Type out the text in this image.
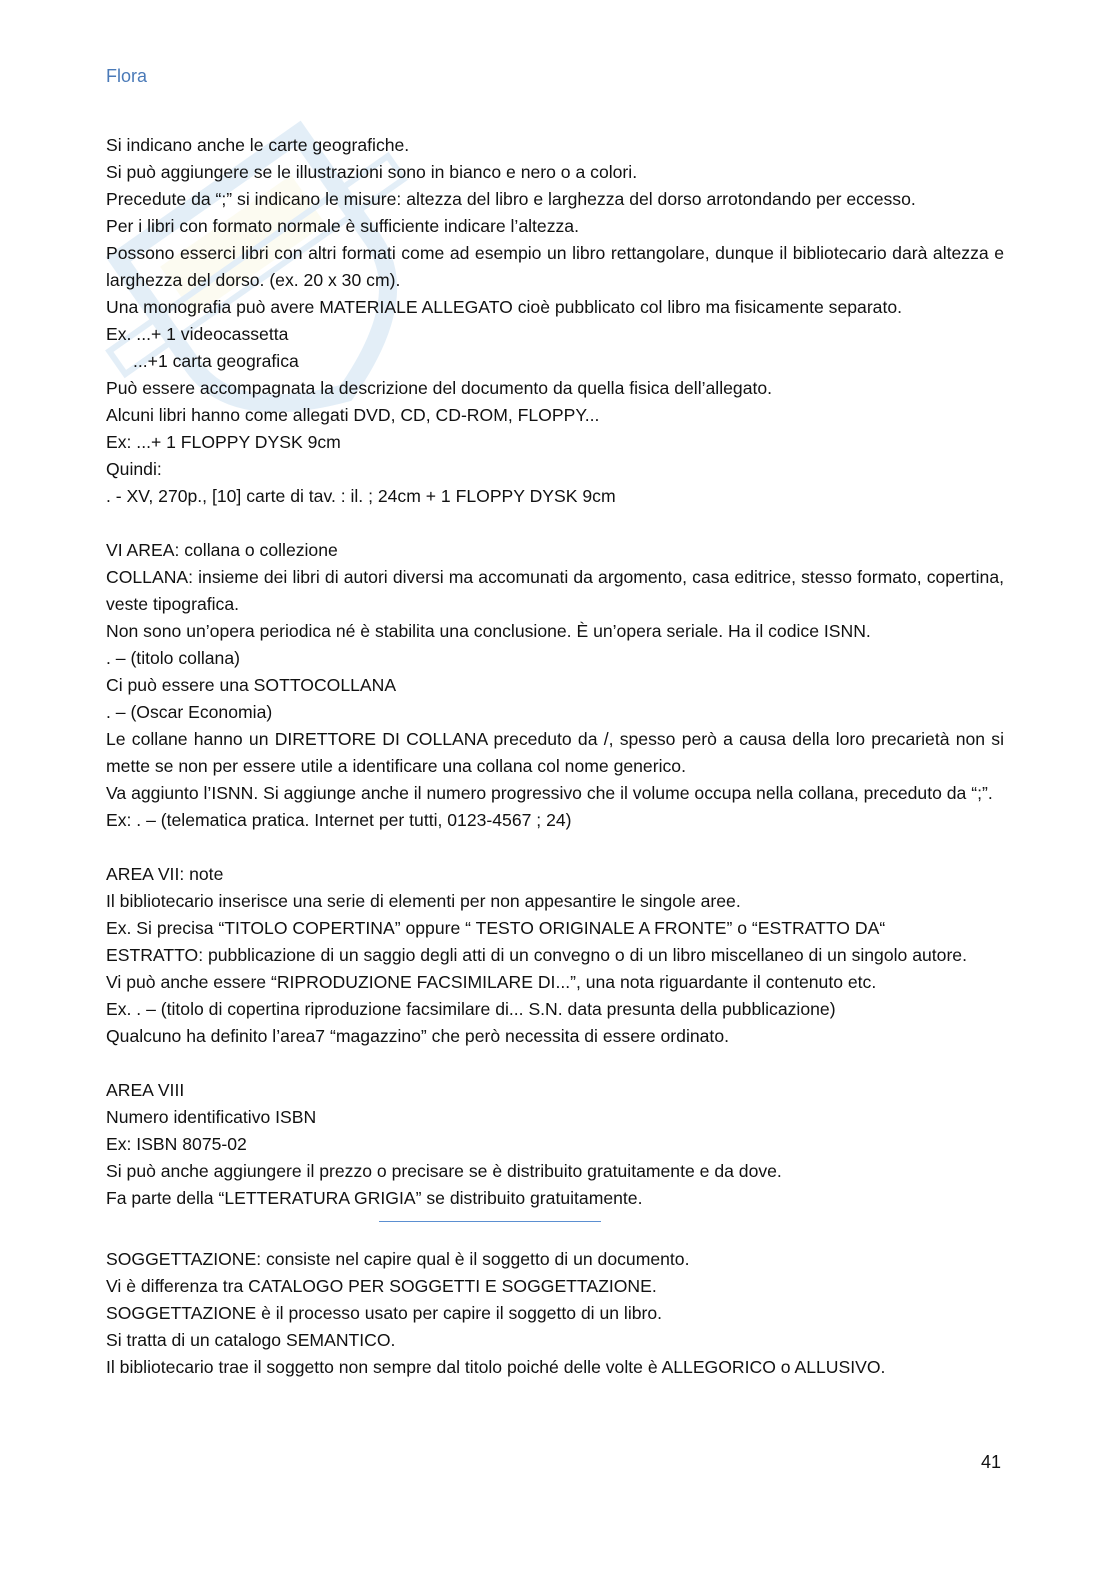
Flora
Si indicano anche le carte geografiche.
Si può aggiungere se le illustrazioni sono in bianco e nero o a colori.
Precedute da “;” si indicano le misure: altezza del libro e larghezza del dorso arrotondando per eccesso.
Per i libri con formato normale è sufficiente indicare l’altezza.
Possono esserci libri con altri formati come ad esempio un libro rettangolare, dunque il bibliotecario darà altezza e larghezza del dorso. (ex. 20 x 30 cm).
Una monografia può avere MATERIALE ALLEGATO cioè pubblicato col libro ma fisicamente separato.
Ex. ...+ 1 videocassetta
...+1 carta geografica
Può essere accompagnata la descrizione del documento da quella fisica dell’allegato.
Alcuni libri hanno come allegati DVD, CD, CD-ROM, FLOPPY...
Ex: ...+ 1 FLOPPY DYSK 9cm
Quindi:
. - XV, 270p., [10] carte di tav. : il. ; 24cm + 1 FLOPPY DYSK 9cm
VI AREA: collana o collezione
COLLANA: insieme dei libri di autori diversi ma accomunati da argomento, casa editrice, stesso formato, copertina, veste tipografica.
Non sono un’opera periodica né è stabilita una conclusione. È un’opera seriale. Ha il codice ISNN.
. – (titolo collana)
Ci può essere una SOTTOCOLLANA
. – (Oscar Economia)
Le collane hanno un DIRETTORE DI COLLANA preceduto da /, spesso però a causa della loro precarietà non si mette se non per essere utile a identificare una collana col nome generico.
Va aggiunto l’ISNN. Si aggiunge anche il numero progressivo che il volume occupa nella collana, preceduto da “;”.
Ex: . – (telematica pratica. Internet per tutti, 0123-4567 ; 24)
AREA VII: note
Il bibliotecario inserisce una serie di elementi per non appesantire le singole aree.
Ex. Si precisa “TITOLO COPERTINA” oppure “ TESTO ORIGINALE A FRONTE” o “ESTRATTO DA“
ESTRATTO: pubblicazione di un saggio degli atti di un convegno o di un libro miscellaneo di un singolo autore.
Vi può anche essere “RIPRODUZIONE FACSIMILARE DI...”, una nota riguardante il contenuto etc.
Ex. . – (titolo di copertina riproduzione facsimilare di... S.N. data presunta della pubblicazione)
Qualcuno ha definito l’area7 “magazzino” che però necessita di essere ordinato.
AREA VIII
Numero identificativo ISBN
Ex: ISBN 8075-02
Si può anche aggiungere il prezzo o precisare se è distribuito gratuitamente e da dove.
Fa parte della “LETTERATURA GRIGIA” se distribuito gratuitamente.
SOGGETTAZIONE: consiste nel capire qual è il soggetto di un documento.
Vi è differenza tra CATALOGO PER SOGGETTI E SOGGETTAZIONE.
SOGGETTAZIONE è il processo usato per capire il soggetto di un libro.
Si tratta di un catalogo SEMANTICO.
Il bibliotecario trae il soggetto non sempre dal titolo poiché delle volte è ALLEGORICO o ALLUSIVO.
41
